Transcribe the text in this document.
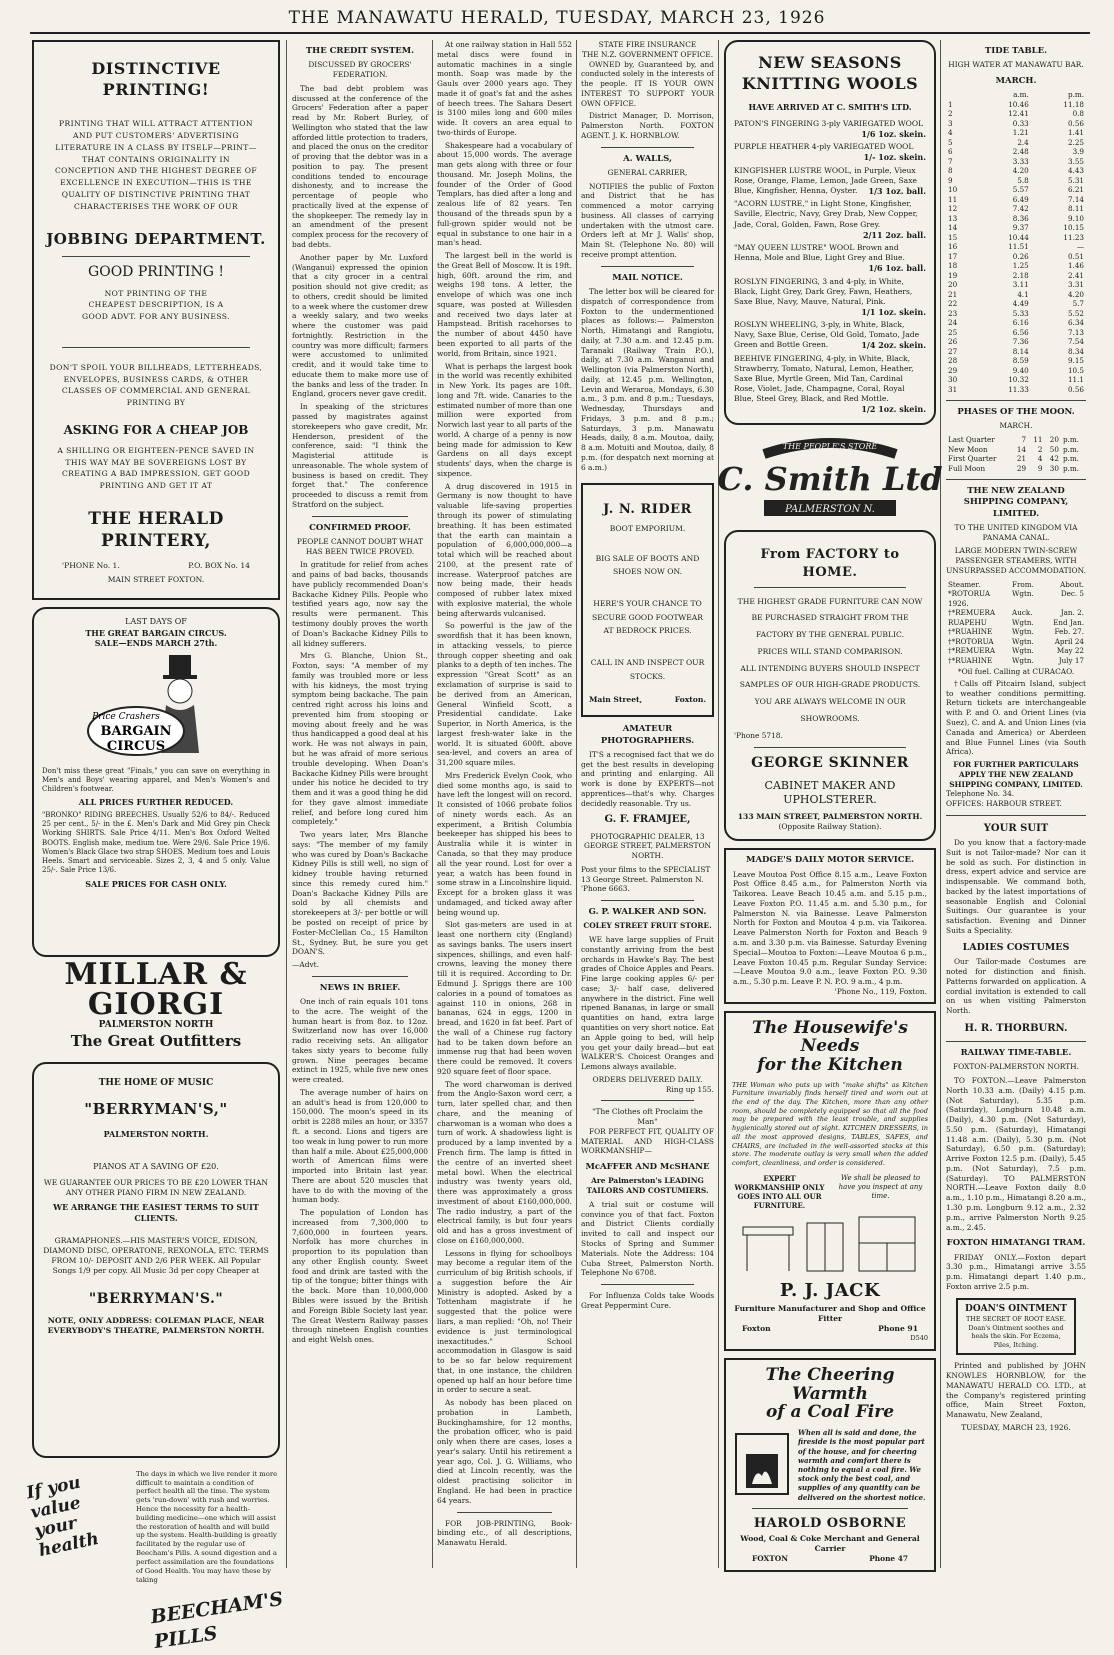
THE MANAWATU HERALD, TUESDAY, MARCH 23, 1926
DISTINCTIVE PRINTING!
PRINTING THAT WILL ATTRACT ATTENTION AND PUT CUSTOMERS' ADVERTISING LITERATURE IN A CLASS BY ITSELF—PRINT— THAT CONTAINS ORIGINALITY IN CONCEPTION AND THE HIGHEST DEGREE OF EXCELLENCE IN EXECUTION—THIS IS THE QUALITY OF DISTINCTIVE PRINTING THAT CHARACTERISES THE WORK OF OUR
JOBBING DEPARTMENT.
GOOD PRINTING !
NOT PRINTING OF THE CHEAPEST DESCRIPTION, IS A GOOD ADVT. FOR ANY BUSINESS.
DON'T SPOIL YOUR BILLHEADS, LETTERHEADS, ENVELOPES, BUSINESS CARDS, & OTHER CLASSES OF COMMERCIAL AND GENERAL PRINTING BY
ASKING FOR A CHEAP JOB
A SHILLING OR EIGHTEEN-PENCE SAVED IN THIS WAY MAY BE SOVEREIGNS LOST BY CREATING A BAD IMPRESSION. GET GOOD PRINTING AND GET IT AT
THE HERALD PRINTERY,
'PHONE No. 1.	P.O. BOX No. 14
MAIN STREET FOXTON.
LAST DAYS OF
THE GREAT BARGAIN CIRCUS.
SALE—ENDS MARCH 27th.
Price Crashers
BARGAIN
CIRCUS
Don't miss these great "Finals," you can save on everything in Men's and Boys' wearing apparel, and Men's Women's and Children's footwear.
ALL PRICES FURTHER REDUCED.
"BRONKO" RIDING BREECHES. Usually 52/6 to 84/-. Reduced 25 per cent., 5/- in the £. Men's Dark and Mid Grey pin Check Working SHIRTS. Sale Price 4/11. Men's Box Oxford Welted BOOTS. English make, medium toe. Were 29/6. Sale Price 19/6. Women's Black Glace two strap SHOES. Medium toes and Louis Heels. Smart and serviceable. Sizes 2, 3, 4 and 5 only. Value 25/-. Sale Price 13/6.
SALE PRICES FOR CASH ONLY.
MILLAR & GIORGI
PALMERSTON NORTH
The Great Outfitters
THE HOME OF MUSIC
"BERRYMAN'S,"
PALMERSTON NORTH.
PIANOS AT A SAVING OF £20.
WE GUARANTEE OUR PRICES TO BE £20 LOWER THAN ANY OTHER PIANO FIRM IN NEW ZEALAND.
WE ARRANGE THE EASIEST TERMS TO SUIT CLIENTS.
GRAMAPHONES.—HIS MASTER'S VOICE, EDISON, DIAMOND DISC, OPERATONE, REXONOLA, ETC. TERMS FROM 10/- DEPOSIT AND 2/6 PER WEEK. All Popular Songs 1/9 per copy. All Music 3d per copy Cheaper at
"BERRYMAN'S."
NOTE, ONLY ADDRESS: COLEMAN PLACE, NEAR EVERYBODY'S THEATRE, PALMERSTON NORTH.
If you value your health
The days in which we live render it more difficult to maintain a condition of perfect health all the time. The system gets 'run-down' with rush and worries. Hence the necessity for a health-building medicine—one which will assist the restoration of health and will build up the system. Health-building is greatly facilitated by the regular use of Beecham's Pills. A sound digestion and a perfect assimilation are the foundations of Good Health. You may have these by taking
BEECHAM'S PILLS
THE CREDIT SYSTEM.
DISCUSSED BY GROCERS' FEDERATION.

The bad debt problem was discussed at the conference of the Grocers' Federation after a paper read by Mr. Robert Burley, of Wellington who stated that the law afforded little protection to traders, and placed the onus on the creditor of proving that the debtor was in a position to pay. The present conditions tended to encourage dishonesty, and to increase the percentage of people who practically lived at the expense of the shopkeeper. The remedy lay in an amendment of the present complex process for the recovery of bad debts.

Another paper by Mr. Luxford (Wanganui) expressed the opinion that a city grocer in a central position should not give credit; as to others, credit should be limited to a week where the customer drew a weekly salary, and two weeks where the customer was paid fortnightly. Restriction in the country was more difficult; farmers were accustomed to unlimited credit, and it would take time to educate them to make more use of the banks and less of the trader. In England, grocers never gave credit.

In speaking of the strictures passed by magistrates against storekeepers who gave credit, Mr. Henderson, president of the conference, said: "I think the Magisterial attitude is unreasonable. The whole system of business is based on credit. They forget that." The conference proceeded to discuss a remit from Stratford on the subject.

CONFIRMED PROOF.
PEOPLE CANNOT DOUBT WHAT HAS BEEN TWICE PROVED.

In gratitude for relief from aches and pains of bad backs, thousands have publicly recommended Doan's Backache Kidney Pills. People who testified years ago, now say the results were permanent. This testimony doubly proves the worth of Doan's Backache Kidney Pills to all kidney sufferers.

Mrs G. Blanche, Union St., Foxton, says: "A member of my family was troubled more or less with his kidneys, the most trying symptom being backache. The pain centred right across his loins and prevented him from stooping or moving about freely and he was thus handicapped a good deal at his work. He was not always in pain, but he was afraid of more serious trouble developing. When Doan's Backache Kidney Pills were brought under his notice he decided to try them and it was a good thing he did for they gave almost immediate relief, and before long cured him completely."

Two years later, Mrs Blanche says: "The member of my family who was cured by Doan's Backache Kidney Pills is still well, no sign of kidney trouble having returned since this remedy cured him." Doan's Backache Kidney Pills are sold by all chemists and storekeepers at 3/- per bottle or will be posted on receipt of price by Foster-McClellan Co., 15 Hamilton St., Sydney. But, be sure you get DOAN'S.

—Advt.
NEWS IN BRIEF.

One inch of rain equals 101 tons to the acre. The weight of the human heart is from 8oz. to 12oz. Switzerland now has over 16,000 radio receiving sets. An alligator takes sixty years to become fully grown. Nine peerages became extinct in 1925, while five new ones were created.

The average number of hairs on an adult's head is from 120,000 to 150,000. The moon's speed in its orbit is 2288 miles an hour, or 3357 ft. a second. Lions and tigers are too weak in lung power to run more than half a mile. About £25,000,000 worth of American films were imported into Britain last year. There are about 520 muscles that have to do with the moving of the human body.

The population of London has increased from 7,300,000 to 7,600,000 in fourteen years. Norfolk has more churches in proportion to its population than any other English county. Sweet food and drink are tasted with the tip of the tongue; bitter things with the back. More than 10,000,000 Bibles were issued by the British and Foreign Bible Society last year. The Great Western Railway passes through nineteen English counties and eight Welsh ones.

At one railway station in Hall 552 metal discs were found in automatic machines in a single month. Soap was made by the Gauls over 2000 years ago. They made it of goat's fat and the ashes of beech trees. The Sahara Desert is 3100 miles long and 600 miles wide. It covers an area equal to two-thirds of Europe.

Shakespeare had a vocabulary of about 15,000 words. The average man gets along with three or four thousand. Mr. Joseph Molins, the founder of the Order of Good Templars, has died after a long and zealous life of 82 years. Ten thousand of the threads spun by a full-grown spider would not be equal in substance to one hair in a man's head.

The largest bell in the world is the Great Bell of Moscow. It is 19ft. high, 60ft. around the rim, and weighs 198 tons. A letter, the envelope of which was one inch square, was posted at Willesden and received two days later at Hampstead. British racehorses to the number of about 4450 have been exported to all parts of the world, from Britain, since 1921.

What is perhaps the largest book in the world was recently exhibited in New York. Its pages are 10ft. long and 7ft. wide. Canaries to the estimated number of more than one million were exported from Norwich last year to all parts of the world. A charge of a penny is now being made for admission to Kew Gardens on all days except students' days, when the charge is sixpence.

A drug discovered in 1915 in Germany is now thought to have valuable life-saving properties through its power of stimulating breathing. It has been estimated that the earth can maintain a population of 6,000,000,000—a total which will be reached about 2100, at the present rate of increase. Waterproof patches are now being made, their heads composed of rubber latex mixed with explosive material, the whole being afterwards vulcanised.

So powerful is the jaw of the swordfish that it has been known, in attacking vessels, to pierce through copper sheeting and oak planks to a depth of ten inches. The expression "Great Scott" as an exclamation of surprise is said to be derived from an American, General Winfield Scott, a Presidential candidate. Lake Superior, in North America, is the largest fresh-water lake in the world. It is situated 600ft. above sea-level, and covers an area of 31,200 square miles.

Mrs Frederick Evelyn Cook, who died some months ago, is said to have left the longest will on record. It consisted of 1066 probate folios of ninety words each. As an experiment, a British Columbia beekeeper has shipped his bees to Australia while it is winter in Canada, so that they may produce all the year round. Lost for over a year, a watch has been found in some straw in a Lincolnshire liquid. Except for a broken glass it was undamaged, and ticked away after being wound up.

Slot gas-meters are used in at least one northern city (England) as savings banks. The users insert sixpences, shillings, and even half-crowns, leaving the money there till it is required. According to Dr. Edmund J. Spriggs there are 100 calories in a pound of tomatoes as against 110 in onions, 268 in bananas, 624 in eggs, 1200 in bread, and 1620 in fat beef. Part of the wall of a Chinese rug factory had to be taken down before an immense rug that had been woven there could be removed. It covers 920 square feet of floor space.

The word charwoman is derived from the Anglo-Saxon word cerr, a turn, later spelled char, and then chare, and the meaning of charwoman is a woman who does a turn of work. A shadowless light is produced by a lamp invented by a French firm. The lamp is fitted in the centre of an inverted sheet metal bowl. When the electrical industry was twenty years old, there was approximately a gross investment of about £160,000,000. The radio industry, a part of the electrical family, is but four years old and has a gross investment of close on £160,000,000.

Lessons in flying for schoolboys may become a regular item of the curriculum of big British schools, if a suggestion before the Air Ministry is adopted. Asked by a Tottenham magistrate if he suggested that the police were liars, a man replied: "Oh, no! Their evidence is just terminological inexactitudes." School accommodation in Glasgow is said to be so far below requirement that, in one instance, the children opened up half an hour before time in order to secure a seat.

As nobody has been placed on probation in Lambeth, Buckinghamshire, for 12 months, the probation officer, who is paid only when there are cases, loses a year's salary. Until his retirement a year ago, Col. J. G. Williams, who died at Lincoln recently, was the oldest practising solicitor in England. He had been in practice 64 years.

FOR JOB-PRINTING, Book-binding etc., of all descriptions, Manawatu Herald.

STATE FIRE INSURANCE
THE N.Z. GOVERNMENT OFFICE.

OWNED by, Guaranteed by, and conducted solely in the interests of the people. IT IS YOUR OWN INTEREST TO SUPPORT YOUR OWN OFFICE.

District Manager, D. Morrison, Palmerston North. FOXTON AGENT. J. K. HORNBLOW.

A. WALLS,
GENERAL CARRIER,

NOTIFIES the public of Foxton and District that he has commenced a motor carrying business. All classes of carrying undertaken with the utmost care. Orders left at Mr J. Walls' shop, Main St. (Telephone No. 80) will receive prompt attention.

MAIL NOTICE.

The letter box will be cleared for dispatch of correspondence from Foxton to the undermentioned places as follows:— Palmerston North, Himatangi and Rangiotu, daily, at 7.30 a.m. and 12.45 p.m. Taranaki (Railway Train P.O.), daily, at 7.30 a.m. Wanganui and Wellington (via Palmerston North), daily, at 12.45 p.m. Wellington, Levin and Weraroa, Mondays, 6.30 a.m., 3 p.m. and 8 p.m.; Tuesdays, Wednesday, Thursdays and Fridays, 3 p.m. and 8 p.m.; Saturdays, 3 p.m. Manawatu Heads, daily, 8 a.m. Moutoa, daily, 8 a.m. Motuiti and Moutoa, daily, 8 p.m. (for despatch next morning at 6 a.m.)

J. N. RIDER
BOOT EMPORIUM.
BIG SALE OF BOOTS AND SHOES NOW ON.
HERE'S YOUR CHANCE TO SECURE GOOD FOOTWEAR AT BEDROCK PRICES.
CALL IN AND INSPECT OUR STOCKS.
Main Street,	Foxton.
AMATEUR PHOTOGRAPHERS.

IT'S a recognised fact that we do get the best results in developing and printing and enlarging. All work is done by EXPERTS—not apprentices—that's why. Charges decidedly reasonable. Try us.

G. F. FRAMJEE,
PHOTOGRAPHIC DEALER, 13 GEORGE STREET, PALMERSTON NORTH.
Post your films to the SPECIALIST
13 George Street. Palmerston N. 'Phone 6663.
G. P. WALKER AND SON.
COLEY STREET FRUIT STORE.

WE have large supplies of Fruit constantly arriving from the best orchards in Hawke's Bay. The best grades of Choice Apples and Pears. Fine large cooking apples 6/- per case; 3/- half case, delivered anywhere in the district. Fine well ripened Bananas, in large or small quantities on hand, extra large quantities on very short notice. Eat an Apple going to bed, will help you get your daily bread—but eat WALKER'S. Choicest Oranges and Lemons always available.

ORDERS DELIVERED DAILY.
Ring up 155.
"The Clothes oft Proclaim the Man"

FOR PERFECT FIT, QUALITY OF MATERIAL AND HIGH-CLASS WORKMANSHIP—

McAFFER AND McSHANE
Are Palmerston's LEADING TAILORS AND COSTUMIERS.

A trial suit or costume will convince you of that fact. Foxton and District Clients cordially invited to call and inspect our Stocks of Spring and Summer Materials. Note the Address: 104 Cuba Street, Palmerston North. Telephone No 6708.

For Influenza Colds take Woods Great Peppermint Cure.

NEW SEASONS
KNITTING WOOLS
HAVE ARRIVED AT C. SMITH'S LTD.
PATON'S FINGERING 3-ply VARIEGATED WOOL
1/6 1oz. skein.
PURPLE HEATHER 4-ply VARIEGATED WOOL
1/- 1oz. skein.
KINGFISHER LUSTRE WOOL, in Purple, Vieux Rose, Orange, Flame, Lemon, Jade Green, Saxe Blue, Kingfisher, Henna, Oyster. 1/3 1oz. ball.
"ACORN LUSTRE," in Light Stone, Kingfisher, Saville, Electric, Navy, Grey Drab, New Copper, Jade, Coral, Golden, Fawn, Rose Grey.
2/11 2oz. ball.
"MAY QUEEN LUSTRE" WOOL Brown and Henna, Mole and Blue, Light Grey and Blue.
1/6 1oz. ball.
ROSLYN FINGERING, 3 and 4-ply, in White, Black, Light Grey, Dark Grey, Fawn, Heathers, Saxe Blue, Navy, Mauve, Natural, Pink.
1/1 1oz. skein.
ROSLYN WHEELING, 3-ply, in White, Black, Navy, Saxe Blue, Cerise, Old Gold, Tomato, Jade Green and Bottle Green.	1/4 2oz. skein.
BEEHIVE FINGERING, 4-ply, in White, Black, Strawberry, Tomato, Natural, Lemon, Heather, Saxe Blue, Myrtle Green, Mid Tan, Cardinal Rose, Violet, Jade, Champagne, Coral, Royal Blue, Steel Grey, Black, and Red Mottle.
1/2 1oz. skein.
THE PEOPLE'S STORE
C. Smith Ltd
PALMERSTON N.
From FACTORY to HOME.
THE HIGHEST GRADE FURNITURE CAN NOW BE PURCHASED STRAIGHT FROM THE FACTORY BY THE GENERAL PUBLIC.
PRICES WILL STAND COMPARISON.
ALL INTENDING BUYERS SHOULD INSPECT SAMPLES OF OUR HIGH-GRADE PRODUCTS.
YOU ARE ALWAYS WELCOME IN OUR SHOWROOMS.
'Phone 5718.
GEORGE SKINNER
CABINET MAKER AND UPHOLSTERER.
133 MAIN STREET, PALMERSTON NORTH.
(Opposite Railway Station).
MADGE'S DAILY MOTOR SERVICE.
Leave Moutoa Post Office 8.15 a.m., Leave Foxton Post Office 8.45 a.m., for Palmerston North via Taikorea. Leave Beach 10.45 a.m. and 5.15 p.m., Leave Foxton P.O. 11.45 a.m. and 5.30 p.m., for Palmerston N. via Bainesse. Leave Palmerston North for Foxton and Moutoa 4 p.m. via Taikorea. Leave Palmerston North for Foxton and Beach 9 a.m. and 3.30 p.m. via Bainesse. Saturday Evening Special—Moutoa to Foxton:—Leave Moutoa 6 p.m., Leave Foxton 10.45 p.m. Regular Sunday Service:—Leave Moutoa 9.0 a.m., leave Foxton P.O. 9.30 a.m., 5.30 p.m. Leave P. N. P.O. 9 a.m., 4 p.m.
'Phone No., 119, Foxton.
The Housewife's Needs
for the Kitchen
THE Woman who puts up with "make shifts" as Kitchen Furniture invariably finds herself tired and worn out at the end of the day. The Kitchen, more than any other room, should be completely equipped so that all the food may be prepared with the least trouble, and supplies hygienically stored out of sight. KITCHEN DRESSERS, in all the most approved designs, TABLES, SAFES, and CHAIRS, are included in the well-assorted stocks at this store. The moderate outlay is very small when the added comfort, cleanliness, and order is considered.
EXPERT WORKMANSHIP ONLY GOES INTO ALL OUR FURNITURE.
We shall be pleased to have you inspect at any time.
P. J. JACK
Furniture Manufacturer and Shop and Office Fitter
Foxton	Phone 91
D540
The Cheering Warmth
of a Coal Fire
When all is said and done, the fireside is the most popular part of the house, and for cheering warmth and comfort there is nothing to equal a coal fire. We stock only the best coal, and supplies of any quantity can be delivered on the shortest notice.
HAROLD OSBORNE
Wood, Coal & Coke Merchant and General Carrier
FOXTON	Phone 47
TIDE TABLE.
HIGH WATER AT MANAWATU BAR.
MARCH.
	a.m.	p.m.
1	10.46	11.18
2	12.41	0.8
3	0.33	0.56
4	1.21	1.41
5	2.4	2.25
6	2.48	3.9
7	3.33	3.55
8	4.20	4.43
9	5.8	5.31
10	5.57	6.21
11	6.49	7.14
12	7.42	8.11
13	8.36	9.10
14	9.37	10.15
15	10.44	11.23
16	11.51	—
17	0.26	0.51
18	1.25	1.46
19	2.18	2.41
20	3.11	3.31
21	4.1	4.20
22	4.49	5.7
23	5.33	5.52
24	6.16	6.34
25	6.56	7.13
26	7.36	7.54
27	8.14	8.34
28	8.59	9.15
29	9.40	10.5
30	10.32	11.1
31	11.33	0.56
PHASES OF THE MOON.
MARCH.
Last Quarter	7	11	20	p.m.
New Moon	14	2	50	p.m.
First Quarter	21	4	42	p.m.
Full Moon	29	9	30	p.m.
THE NEW ZEALAND SHIPPING COMPANY, LIMITED.
TO THE UNITED KINGDOM VIA PANAMA CANAL.
LARGE MODERN TWIN-SCREW PASSENGER STEAMERS, WITH UNSURPASSED ACCOMMODATION.
Steamer.	From.	About.
*ROTORUA	Wgtn.	Dec. 5
1926.		
†*REMUERA	Auck.	Jan. 2.
RUAPEHU	Wgtn.	End Jan.
†*RUAHINE	Wgtn.	Feb. 27.
†*ROTORUA	Wgtn.	April 24
†*REMUERA	Wgtn.	May 22
†*RUAHINE	Wgtn.	July 17
*Oil fuel. Calling at CURACAO.

†Calls off Pitcairn Island, subject to weather conditions permitting. Return tickets are interchangeable with P. and O. and Orient Lines (via Suez), C. and A. and Union Lines (via Canada and America) or Aberdeen and Blue Funnel Lines (via South Africa).

FOR FURTHER PARTICULARS APPLY THE NEW ZEALAND SHIPPING COMPANY, LIMITED.
Telephone No. 34.
OFFICES: HARBOUR STREET.
YOUR SUIT

Do you know that a factory-made Suit is not Tailor-made? Nor can it be sold as such. For distinction in dress, expert advice and service are indispensable. We command both, backed by the latest importations of seasonable English and Colonial Suitings. Our guarantee is your satisfaction. Evening and Dinner Suits a Speciality.

LADIES COSTUMES

Our Tailor-made Costumes are noted for distinction and finish. Patterns forwarded on application. A cordial invitation is extended to call on us when visiting Palmerston North.

H. R. THORBURN.
RAILWAY TIME-TABLE.
FOXTON-PALMERSTON NORTH.

TO FOXTON.—Leave Palmerston North 10.33 a.m. (Daily) 4.15 p.m. (Not Saturday), 5.35 p.m. (Saturday), Longburn 10.48 a.m. (Daily), 4.30 p.m. (Not Saturday), 5.50 p.m. (Saturday), Himatangi 11.48 a.m. (Daily), 5.30 p.m. (Not Saturday), 6.50 p.m. (Saturday); Arrive Foxton 12.5 p.m. (Daily), 5.45 p.m. (Not Saturday), 7.5 p.m. (Saturday). TO PALMERSTON NORTH.—Leave Foxton daily 8.0 a.m., 1.10 p.m., Himatangi 8.20 a.m., 1.30 p.m. Longburn 9.12 a.m., 2.32 p.m., arrive Palmerston North 9.25 a.m., 2.45.

FOXTON HIMATANGI TRAM.

FRIDAY ONLY.—Foxton depart 3.30 p.m., Himatangi arrive 3.55 p.m. Himatangi depart 1.40 p.m., Foxton arrive 2.5 p.m.

DOAN'S OINTMENT
THE SECRET OF ROOT EASE. Doan's Ointment soothes and heals the skin. For Eczema, Piles, Itching.

Printed and published by JOHN KNOWLES HORNBLOW, for the MANAWATU HERALD CO. LTD., at the Company's registered printing office, Main Street Foxton, Manawatu, New Zealand,

TUESDAY, MARCH 23, 1926.
